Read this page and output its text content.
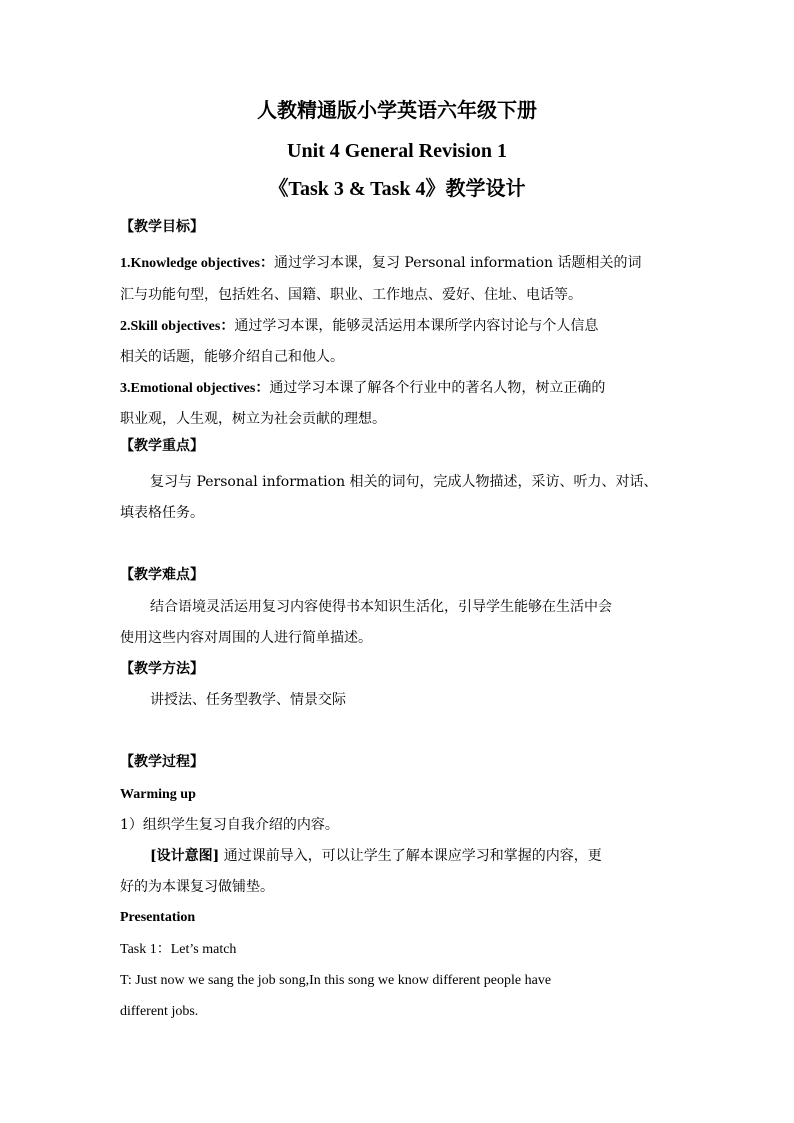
人教精通版小学英语六年级下册
Unit 4 General Revision 1
《Task 3 & Task 4》教学设计
【教学目标】
1.Knowledge objectives：通过学习本课，复习 Personal information 话题相关的词
汇与功能句型，包括姓名、国籍、职业、工作地点、爱好、住址、电话等。
2.Skill objectives：通过学习本课，能够灵活运用本课所学内容讨论与个人信息
相关的话题，能够介绍自己和他人。
3.Emotional objectives：通过学习本课了解各个行业中的著名人物，树立正确的
职业观，人生观，树立为社会贡献的理想。
【教学重点】
复习与 Personal information 相关的词句，完成人物描述，采访、听力、对话、
填表格任务。
【教学难点】
结合语境灵活运用复习内容使得书本知识生活化，引导学生能够在生活中会
使用这些内容对周围的人进行简单描述。
【教学方法】
讲授法、任务型教学、情景交际
【教学过程】
Warming up
1）组织学生复习自我介绍的内容。
[设计意图] 通过课前导入，可以让学生了解本课应学习和掌握的内容，更
好的为本课复习做铺垫。
Presentation
Task 1：Let’s match
T: Just now we sang the job song,In this song we know different people have
different jobs.
